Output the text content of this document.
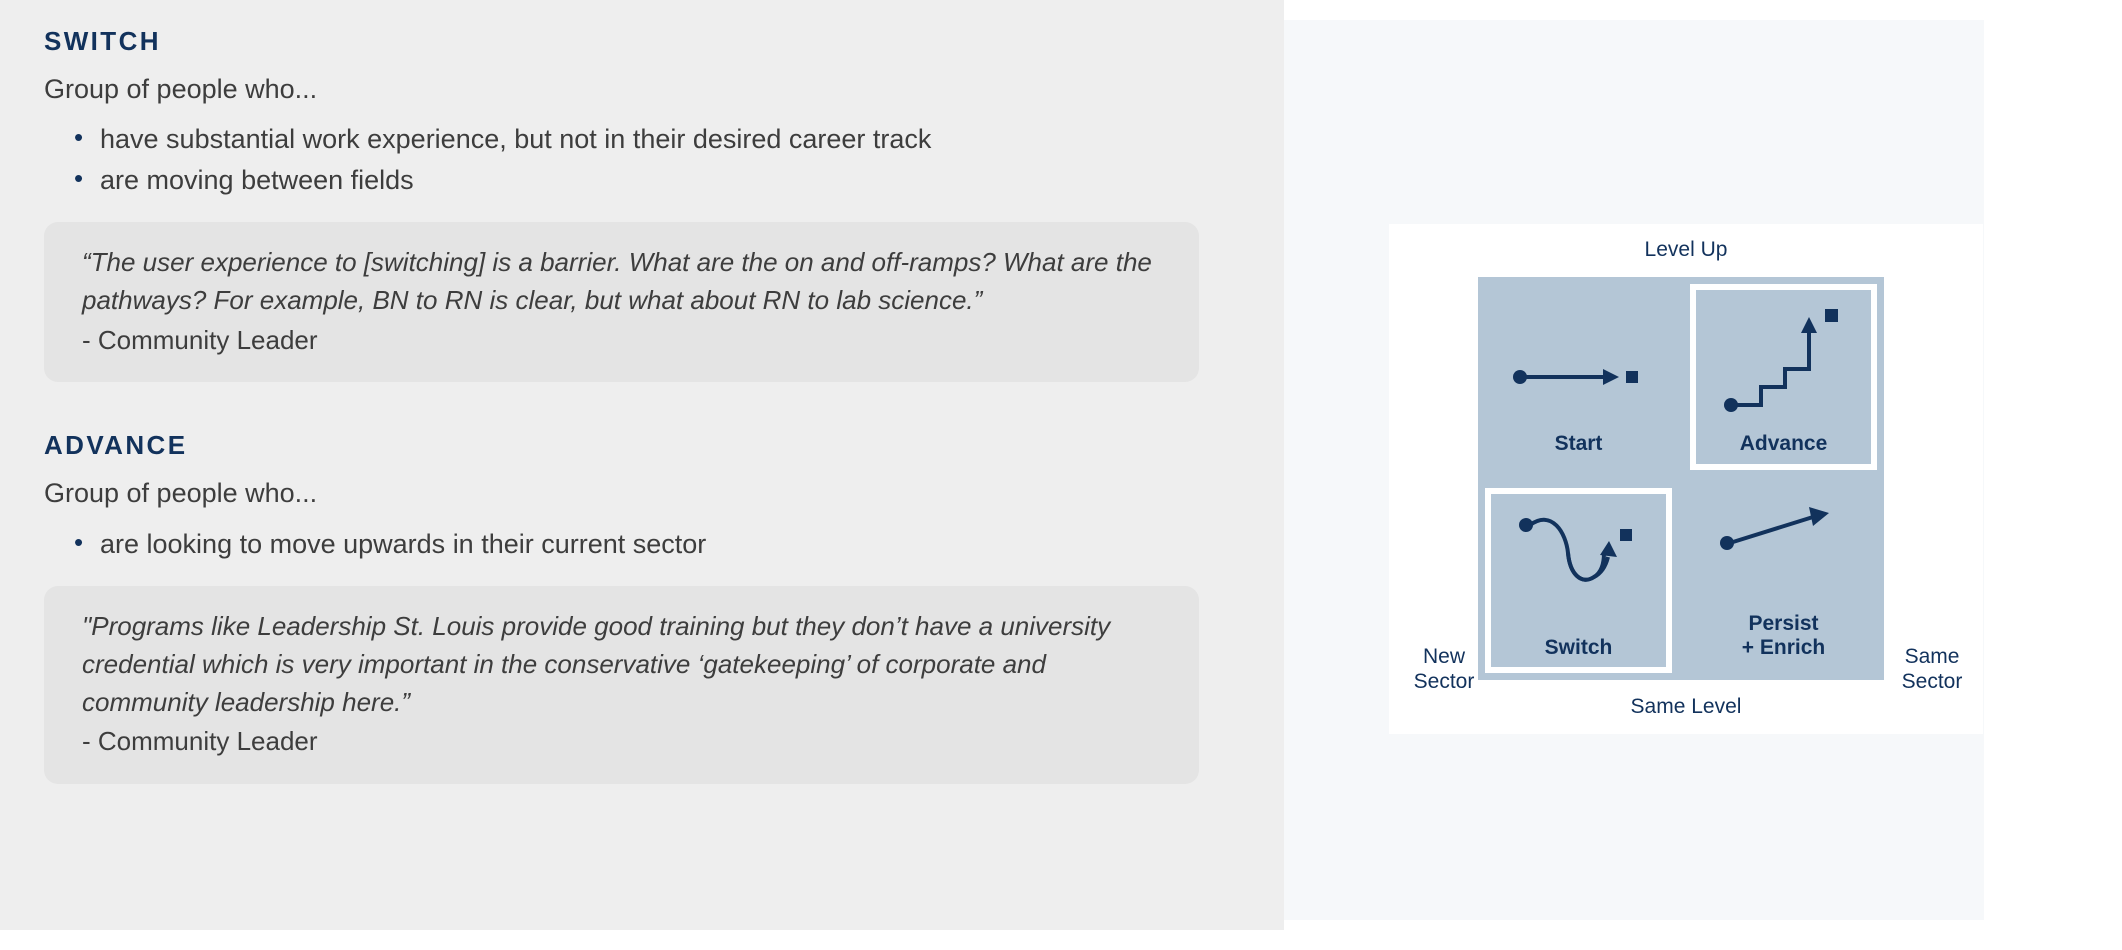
SWITCH

Group of people who...

• have substantial work experience, but not in their desired career track
• are moving between fields

“The user experience to [switching] is a barrier. What are the on and off-ramps? What are the pathways? For example, BN to RN is clear, but what about RN to lab science.”

- Community Leader

ADVANCE

Group of people who...

• are looking to move upwards in their current sector

"Programs like Leadership St. Louis provide good training but they don’t have a university credential which is very important in the conservative ‘gatekeeping’ of corporate and community leadership here.”

- Community Leader

Level Up
Same Level
New
Sector
Same
Sector
Start	Advance
Switch
Persist
+ Enrich
